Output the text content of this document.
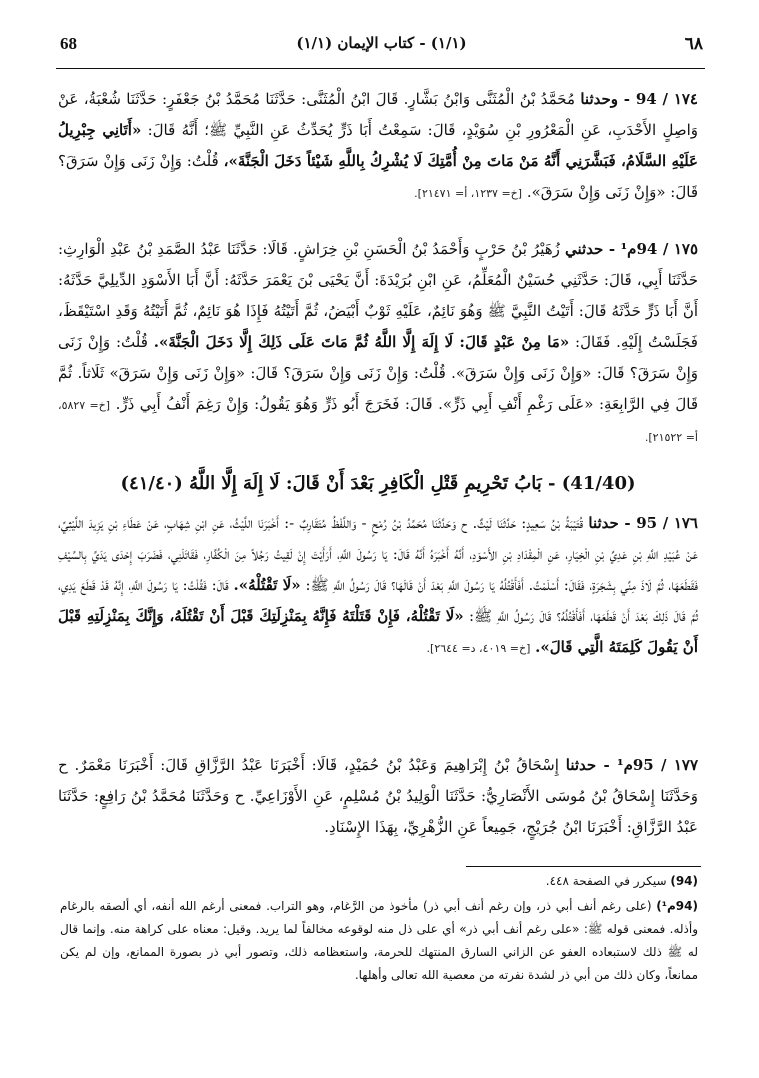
68	(١/١) - كتاب الإيمان (١/١)	٦٨
١٧٤ / 94 - وحدثنا مُحَمَّدُ بْنُ الْمُثَنَّى وَابْنُ بَشَّارٍ. قَالَ ابْنُ الْمُثَنَّى: حَدَّثَنَا مُحَمَّدُ بْنُ جَعْفَرٍ: حَدَّثَنَا شُعْبَةُ، عَنْ وَاصِلٍ الأَحْدَبِ، عَنِ الْمَعْرُورِ بْنِ سُوَيْدٍ، قَالَ: سَمِعْتُ أَبَا ذَرٍّ يُحَدِّثُ عَنِ النَّبِيِّ ﷺ؛ أَنَّهُ قَالَ: «أَتَانِي جِبْرِيلُ عَلَيْهِ السَّلَامُ، فَبَشَّرَنِي أَنَّهُ مَنْ مَاتَ مِنْ أُمَّتِكَ لَا يُشْرِكُ بِاللَّهِ شَيْئاً دَخَلَ الْجَنَّةَ»، قُلْتُ: وَإِنْ زَنَى وَإِنْ سَرَقَ؟ قَالَ: «وَإِنْ زَنَى وَإِنْ سَرَقَ». [خ= ١٢٣٧، أ= ٢١٤٧١].
١٧٥ / 94م¹ - حدثني زُهَيْرُ بْنُ حَرْبٍ وَأَحْمَدُ بْنُ الْحَسَنِ بْنِ خِرَاشٍ. قَالَا: حَدَّثَنَا عَبْدُ الصَّمَدِ بْنُ عَبْدِ الْوَارِثِ: حَدَّثَنَا أَبِي، قَالَ: حَدَّثَنِي حُسَيْنٌ الْمُعَلِّمُ، عَنِ ابْنِ بُرَيْدَةَ: أَنَّ يَحْيَى بْنَ يَعْمَرَ حَدَّثَهُ: أَنَّ أَبَا الأَسْوَدِ الدِّيلِيَّ حَدَّثَهُ: أَنَّ أَبَا ذَرٍّ حَدَّثَهُ قَالَ: أَتَيْتُ النَّبِيَّ ﷺ وَهُوَ نَائِمٌ، عَلَيْهِ ثَوْبٌ أَبْيَضُ، ثُمَّ أَتَيْتُهُ فَإِذَا هُوَ نَائِمٌ، ثُمَّ أَتَيْتُهُ وَقَدِ اسْتَيْقَظَ، فَجَلَسْتُ إِلَيْهِ. فَقَالَ: «مَا مِنْ عَبْدٍ قَالَ: لَا إِلَهَ إِلَّا اللَّهُ ثُمَّ مَاتَ عَلَى ذَلِكَ إِلَّا دَخَلَ الْجَنَّةَ». قُلْتُ: وَإِنْ زَنَى وَإِنْ سَرَقَ؟ قَالَ: «وَإِنْ زَنَى وَإِنْ سَرَقَ». قُلْتُ: وَإِنْ زَنَى وَإِنْ سَرَقَ؟ قَالَ: «وَإِنْ زَنَى وَإِنْ سَرَقَ» ثَلَاثاً. ثُمَّ قَالَ فِي الرَّابِعَةِ: «عَلَى رَغْمِ أَنْفِ أَبِي ذَرٍّ». قَالَ: فَخَرَجَ أَبُو ذَرٍّ وَهُوَ يَقُولُ: وَإِنْ رَغِمَ أَنْفُ أَبِي ذَرٍّ. [خ= ٥٨٢٧، أ= ٢١٥٢٢].
(41/40) - بَابُ تَحْرِيمِ قَتْلِ الْكَافِرِ بَعْدَ أَنْ قَالَ: لَا إِلَهَ إِلَّا اللَّهُ (٤١/٤٠)
١٧٦ / 95 - حدثنا قُتَيْبَةُ بْنُ سَعِيدٍ: حَدَّثَنَا لَيْثٌ. ح وَحَدَّثَنَا مُحَمَّدُ بْنُ رُمْحٍ - وَاللَّفْظُ مُتَقَارِبٌ -: أَخْبَرَنَا اللَّيْثُ، عَنِ ابْنِ شِهَابٍ، عَنْ عَطَاءِ بْنِ يَزِيدَ اللَّيْثِيِّ، عَنْ عُبَيْدِ اللَّهِ بْنِ عَدِيِّ بْنِ الْخِيَارِ، عَنِ الْمِقْدَادِ بْنِ الأَسْوَدِ، أَنَّهُ أَخْبَرَهُ أَنَّهُ قَالَ: يَا رَسُولَ اللَّهِ، أَرَأَيْتَ إِنْ لَقِيتُ رَجُلاً مِنَ الْكُفَّارِ، فَقَاتَلَنِي، فَضَرَبَ إِحْدَى يَدَيَّ بِالسَّيْفِ فَقَطَعَهَا، ثُمَّ لَاذَ مِنِّي بِشَجَرَةٍ، فَقَالَ: أَسْلَمْتُ. أَفَأَقْتُلُهُ يَا رَسُولَ اللَّهِ بَعْدَ أَنْ قَالَهَا؟ قَالَ رَسُولُ اللَّهِ ﷺ: «لَا تَقْتُلْهُ». قَالَ: فَقُلْتُ: يَا رَسُولَ اللَّهِ، إِنَّهُ قَدْ قَطَعَ يَدِي، ثُمَّ قَالَ ذَلِكَ بَعْدَ أَنْ قَطَعَهَا، أَفَأَقْتُلُهُ؟ قَالَ رَسُولُ اللَّهِ ﷺ: «لَا تَقْتُلْهُ، فَإِنْ قَتَلْتَهُ فَإِنَّهُ بِمَنْزِلَتِكَ قَبْلَ أَنْ تَقْتُلَهُ، وَإِنَّكَ بِمَنْزِلَتِهِ قَبْلَ أَنْ يَقُولَ كَلِمَتَهُ الَّتِي قَالَ». [خ= ٤٠١٩، د= ٢٦٤٤].
١٧٧ / 95م¹ - حدثنا إِسْحَاقُ بْنُ إِبْرَاهِيمَ وَعَبْدُ بْنُ حُمَيْدٍ، قَالَا: أَخْبَرَنَا عَبْدُ الرَّزَّاقِ قَالَ: أَخْبَرَنَا مَعْمَرٌ. ح وَحَدَّثَنَا إِسْحَاقُ بْنُ مُوسَى الأَنْصَارِيُّ: حَدَّثَنَا الْوَلِيدُ بْنُ مُسْلِمٍ، عَنِ الأَوْزَاعِيِّ. ح وَحَدَّثَنَا مُحَمَّدُ بْنُ رَافِعٍ: حَدَّثَنَا عَبْدُ الرَّزَّاقِ: أَخْبَرَنَا ابْنُ جُرَيْجٍ، جَمِيعاً عَنِ الزُّهْرِيِّ، بِهَذَا الإِسْنَادِ.

(94) سيكرر في الصفحة ٤٤٨.

(94م¹) (على رغم أنف أبي ذر، وإن رغم أنف أبي ذر) مأخوذ من الرَّغام، وهو التراب. فمعنى أرغم الله أنفه، أي ألصقه بالرغام وأذله. فمعنى قوله ﷺ: «على رغم أنف أبي ذر» أي على ذل منه لوقوعه مخالفاً لما يريد. وقيل: معناه على كراهة منه. وإنما قال له ﷺ ذلك لاستبعاده العفو عن الزاني السارق المنتهك للحرمة، واستعظامه ذلك، وتصور أبي ذر بصورة الممانع، وإن لم يكن ممانعاً، وكان ذلك من أبي ذر لشدة نفرته من معصية الله تعالى وأهلها.
